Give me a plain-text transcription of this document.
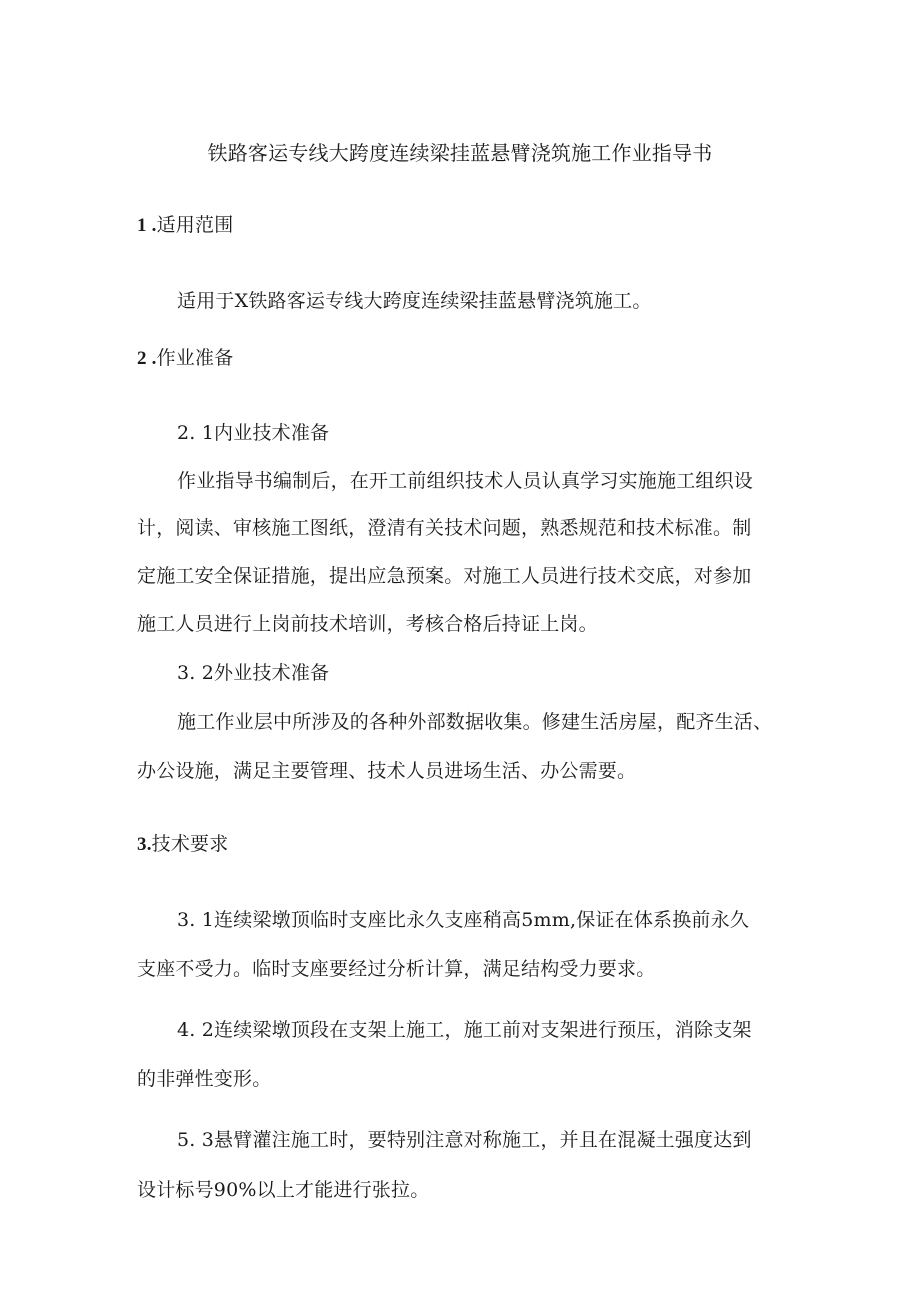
铁路客运专线大跨度连续梁挂蓝悬臂浇筑施工作业指导书
1 .适用范围
适用于X铁路客运专线大跨度连续梁挂蓝悬臂浇筑施工。
2 .作业准备
2. 1内业技术准备
作业指导书编制后，在开工前组织技术人员认真学习实施施工组织设
计，阅读、审核施工图纸，澄清有关技术问题，熟悉规范和技术标准。制
定施工安全保证措施，提出应急预案。对施工人员进行技术交底，对参加
施工人员进行上岗前技术培训，考核合格后持证上岗。
3. 2外业技术准备
施工作业层中所涉及的各种外部数据收集。修建生活房屋，配齐生活、
办公设施，满足主要管理、技术人员进场生活、办公需要。
3.技术要求
3. 1连续梁墩顶临时支座比永久支座稍高5mm,保证在体系换前永久
支座不受力。临时支座要经过分析计算，满足结构受力要求。
4. 2连续梁墩顶段在支架上施工，施工前对支架进行预压，消除支架
的非弹性变形。
5. 3悬臂灌注施工时，要特别注意对称施工，并且在混凝土强度达到
设计标号90%以上才能进行张拉。
